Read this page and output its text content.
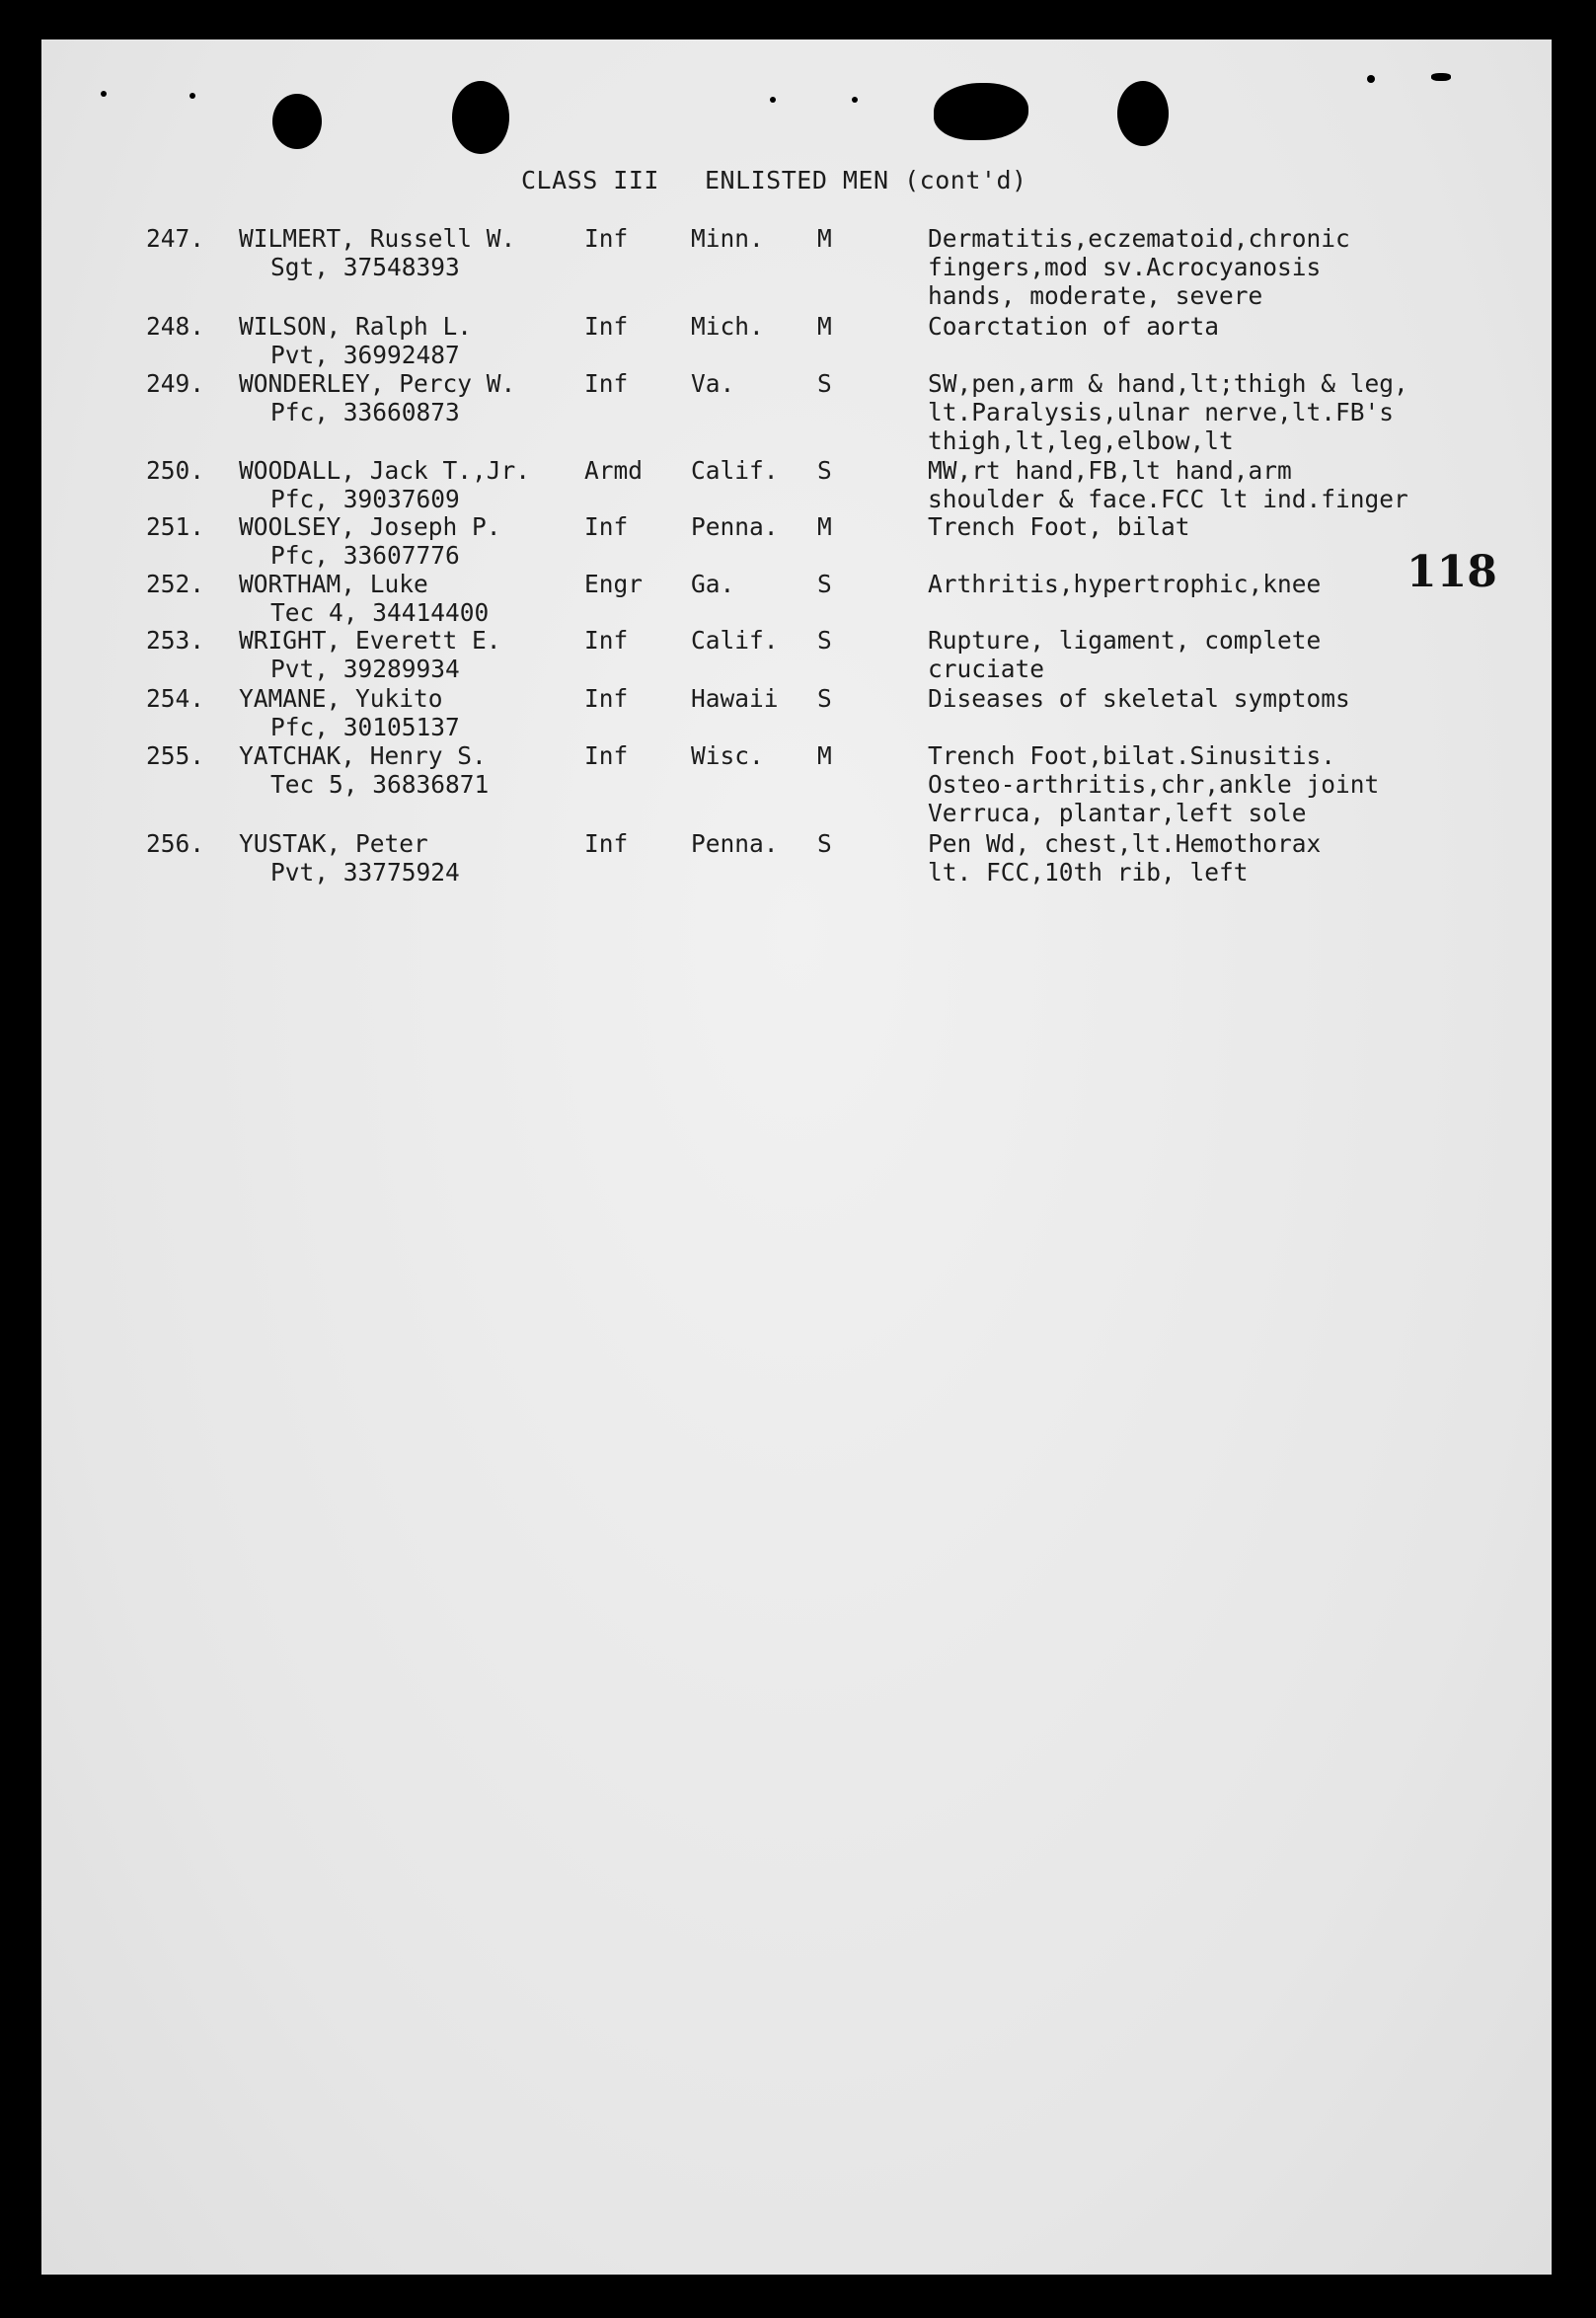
CLASS III ENLISTED MEN (cont'd)
118
247. WILMERT, Russell W.
Sgt, 37548393
Inf	Minn. M	Dermatitis,eczematoid,chronic
fingers,mod sv.Acrocyanosis
hands, moderate, severe
248. WILSON, Ralph L.
Pvt, 36992487
Inf	Mich. M	Coarctation of aorta
249. WONDERLEY, Percy W.
Pfc, 33660873
Inf	Va.	S	SW,pen,arm & hand,lt;thigh & leg,
lt.Paralysis,ulnar nerve,lt.FB's
thigh,lt,leg,elbow,lt
250. WOODALL, Jack T.,Jr.
Pfc, 39037609
Armd Calif. S	MW,rt hand,FB,lt hand,arm
shoulder & face.FCC lt ind.finger
251. WOOLSEY, Joseph P.
Pfc, 33607776
Inf	Penna. M	Trench Foot, bilat
252. WORTHAM, Luke
Tec 4, 34414400
Engr Ga.	S	Arthritis,hypertrophic,knee
253. WRIGHT, Everett E.
Pvt, 39289934
Inf	Calif. S	Rupture, ligament, complete
cruciate
254. YAMANE, Yukito
Pfc, 30105137
Inf	Hawaii S	Diseases of skeletal symptoms
255. YATCHAK, Henry S.
Tec 5, 36836871
Inf	Wisc. M	Trench Foot,bilat.Sinusitis.
Osteo-arthritis,chr,ankle joint
Verruca, plantar,left sole
256. YUSTAK, Peter
Pvt, 33775924
Inf	Penna. S	Pen Wd, chest,lt.Hemothorax
lt. FCC,10th rib, left
